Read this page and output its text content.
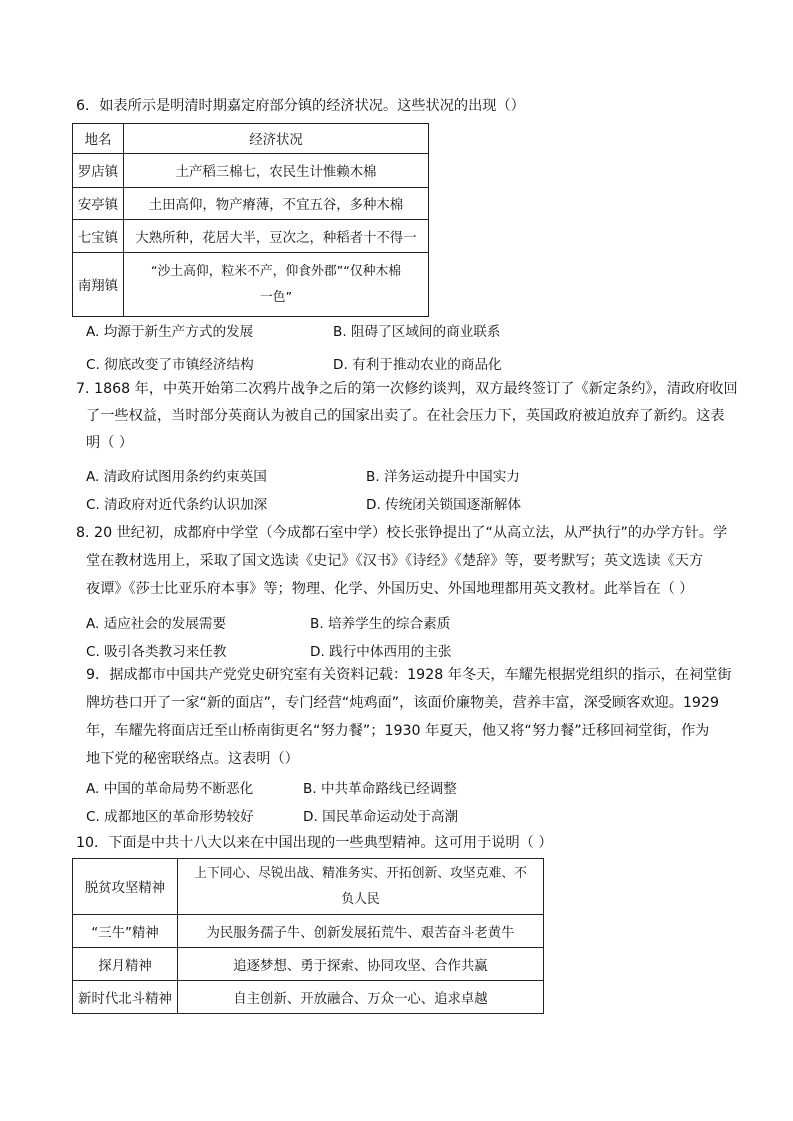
6．如表所示是明清时期嘉定府部分镇的经济状况。这些状况的出现（）
地名	经济状况
罗店镇	土产稻三棉七，农民生计惟赖木棉
安亭镇	土田高仰，物产瘠薄，不宜五谷，多种木棉
七宝镇	大熟所种，花居大半，豆次之，种稻者十不得一
南翔镇	“沙土高仰，粒米不产，仰食外郡”“仅种木棉
一色”
A. 均源于新生产方式的发展	B. 阻碍了区域间的商业联系
C. 彻底改变了市镇经济结构	D. 有利于推动农业的商品化
7. 1868 年，中英开始第二次鸦片战争之后的第一次修约谈判，双方最终签订了《新定条约》，清政府收回
了一些权益，当时部分英商认为被自己的国家出卖了。在社会压力下，英国政府被迫放弃了新约。这表
明（ ）
A. 清政府试图用条约约束英国	B. 洋务运动提升中国实力
C. 清政府对近代条约认识加深	D. 传统闭关锁国逐渐解体
8. 20 世纪初，成都府中学堂（今成都石室中学）校长张铮提出了“从高立法，从严执行”的办学方针。学
堂在教材选用上，采取了国文选读《史记》《汉书》《诗经》《楚辞》等，要考默写；英文选读《天方
夜谭》《莎士比亚乐府本事》等；物理、化学、外国历史、外国地理都用英文教材。此举旨在（ ）
A. 适应社会的发展需要	B. 培养学生的综合素质
C. 吸引各类教习来任教	D. 践行中体西用的主张
9．据成都市中国共产党党史研究室有关资料记载：1928 年冬天，车耀先根据党组织的指示，在祠堂街
牌坊巷口开了一家“新的面店”，专门经营“炖鸡面”，该面价廉物美，营养丰富，深受顾客欢迎。1929
年，车耀先将面店迁至山桥南街更名“努力餐”；1930 年夏天，他又将“努力餐”迁移回祠堂街，作为
地下党的秘密联络点。这表明（）
A. 中国的革命局势不断恶化	B. 中共革命路线已经调整
C. 成都地区的革命形势较好	D. 国民革命运动处于高潮
10．下面是中共十八大以来在中国出现的一些典型精神。这可用于说明（ ）
脱贫攻坚精神	上下同心、尽锐出战、精准务实、开拓创新、攻坚克难、不
负人民

“三牛”精神	为民服务孺子牛、创新发展拓荒牛、艰苦奋斗老黄牛
探月精神	追逐梦想、勇于探索、协同攻坚、合作共赢
新时代北斗精神	自主创新、开放融合、万众一心、追求卓越
